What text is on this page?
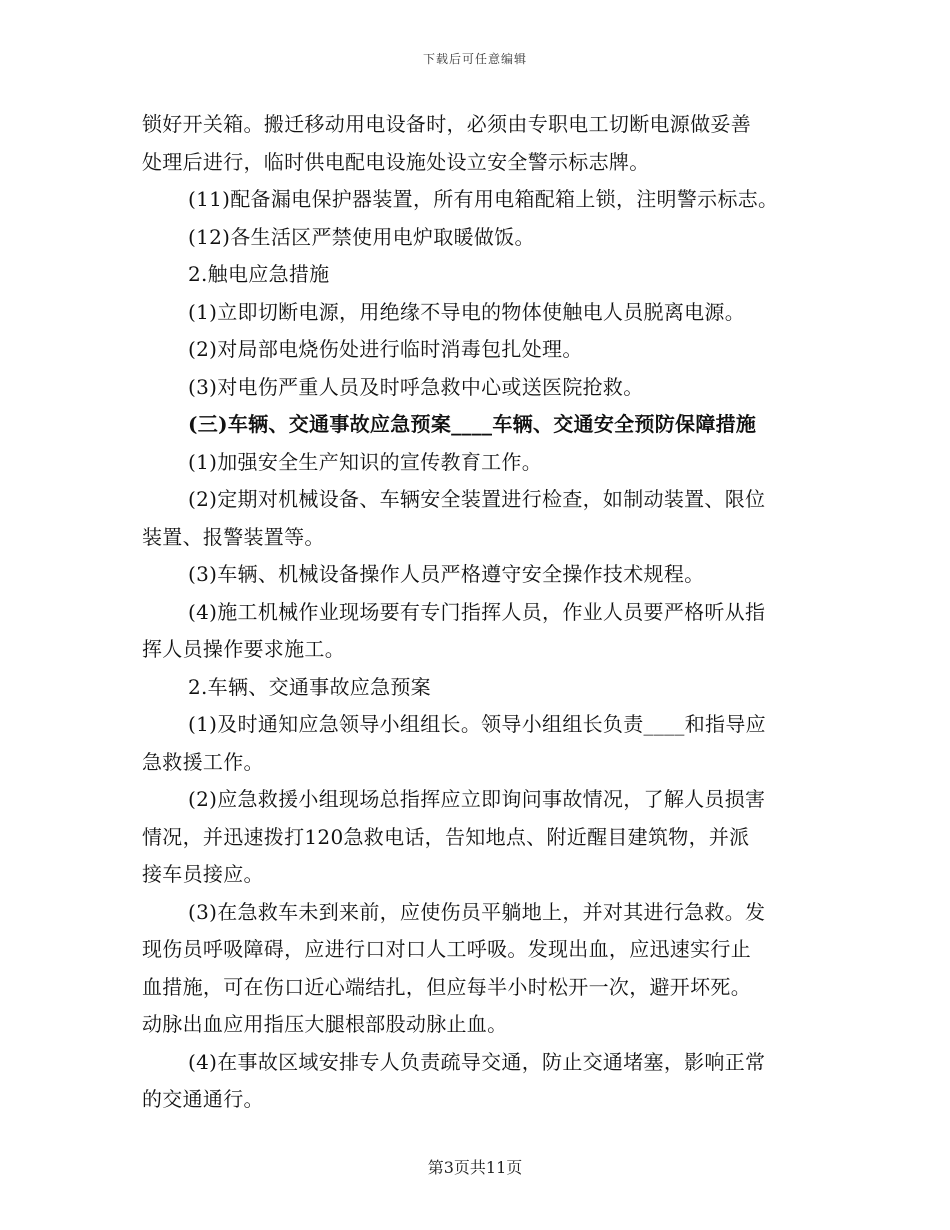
下载后可任意编辑
锁好开关箱。搬迁移动用电设备时，必须由专职电工切断电源做妥善
处理后进行，临时供电配电设施处设立安全警示标志牌。
(11)配备漏电保护器装置，所有用电箱配箱上锁，注明警示标志。
(12)各生活区严禁使用电炉取暖做饭。
2.触电应急措施
(1)立即切断电源，用绝缘不导电的物体使触电人员脱离电源。
(2)对局部电烧伤处进行临时消毒包扎处理。
(3)对电伤严重人员及时呼急救中心或送医院抢救。
(三)车辆、交通事故应急预案____车辆、交通安全预防保障措施
(1)加强安全生产知识的宣传教育工作。
(2)定期对机械设备、车辆安全装置进行检查，如制动装置、限位
装置、报警装置等。
(3)车辆、机械设备操作人员严格遵守安全操作技术规程。
(4)施工机械作业现场要有专门指挥人员，作业人员要严格听从指
挥人员操作要求施工。
2.车辆、交通事故应急预案
(1)及时通知应急领导小组组长。领导小组组长负责____和指导应
急救援工作。
(2)应急救援小组现场总指挥应立即询问事故情况，了解人员损害
情况，并迅速拨打120急救电话，告知地点、附近醒目建筑物，并派
接车员接应。
(3)在急救车未到来前，应使伤员平躺地上，并对其进行急救。发
现伤员呼吸障碍，应进行口对口人工呼吸。发现出血，应迅速实行止
血措施，可在伤口近心端结扎，但应每半小时松开一次，避开坏死。
动脉出血应用指压大腿根部股动脉止血。
(4)在事故区域安排专人负责疏导交通，防止交通堵塞，影响正常
的交通通行。
第3页共11页
